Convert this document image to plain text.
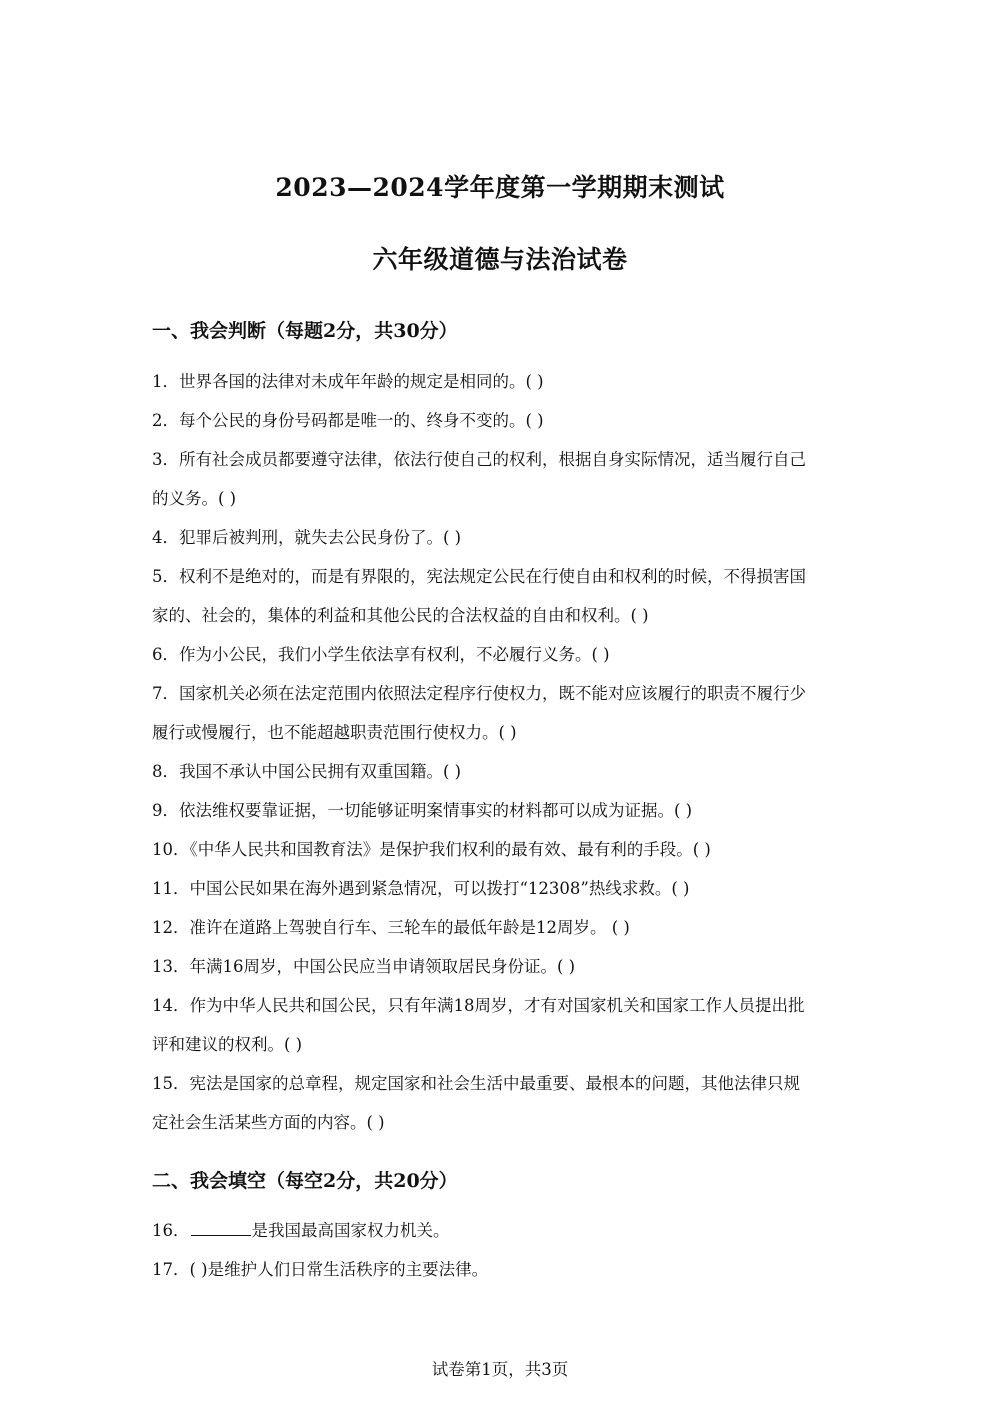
2023—2024学年度第一学期期末测试
六年级道德与法治试卷
一、我会判断（每题2分，共30分）
1．世界各国的法律对未成年年龄的规定是相同的。( )
2．每个公民的身份号码都是唯一的、终身不变的。( )
3．所有社会成员都要遵守法律，依法行使自己的权利，根据自身实际情况，适当履行自己
的义务。( )
4．犯罪后被判刑，就失去公民身份了。( )
5．权利不是绝对的，而是有界限的，宪法规定公民在行使自由和权利的时候，不得损害国
家的、社会的，集体的利益和其他公民的合法权益的自由和权利。( )
6．作为小公民，我们小学生依法享有权利，不必履行义务。( )
7．国家机关必须在法定范围内依照法定程序行使权力，既不能对应该履行的职责不履行少
履行或慢履行，也不能超越职责范围行使权力。( )
8．我国不承认中国公民拥有双重国籍。( )
9．依法维权要靠证据，一切能够证明案情事实的材料都可以成为证据。( )
10．《中华人民共和国教育法》是保护我们权利的最有效、最有利的手段。( )
11．中国公民如果在海外遇到紧急情况，可以拨打“12308”热线求救。( )
12．准许在道路上驾驶自行车、三轮车的最低年龄是12周岁。 ( )
13．年满16周岁，中国公民应当申请领取居民身份证。( )
14．作为中华人民共和国公民，只有年满18周岁，才有对国家机关和国家工作人员提出批
评和建议的权利。( )
15．宪法是国家的总章程，规定国家和社会生活中最重要、最根本的问题，其他法律只规
定社会生活某些方面的内容。( )
二、我会填空（每空2分，共20分）
16．	是我国最高国家权力机关。
17．( )是维护人们日常生活秩序的主要法律。
试卷第1页，共3页
